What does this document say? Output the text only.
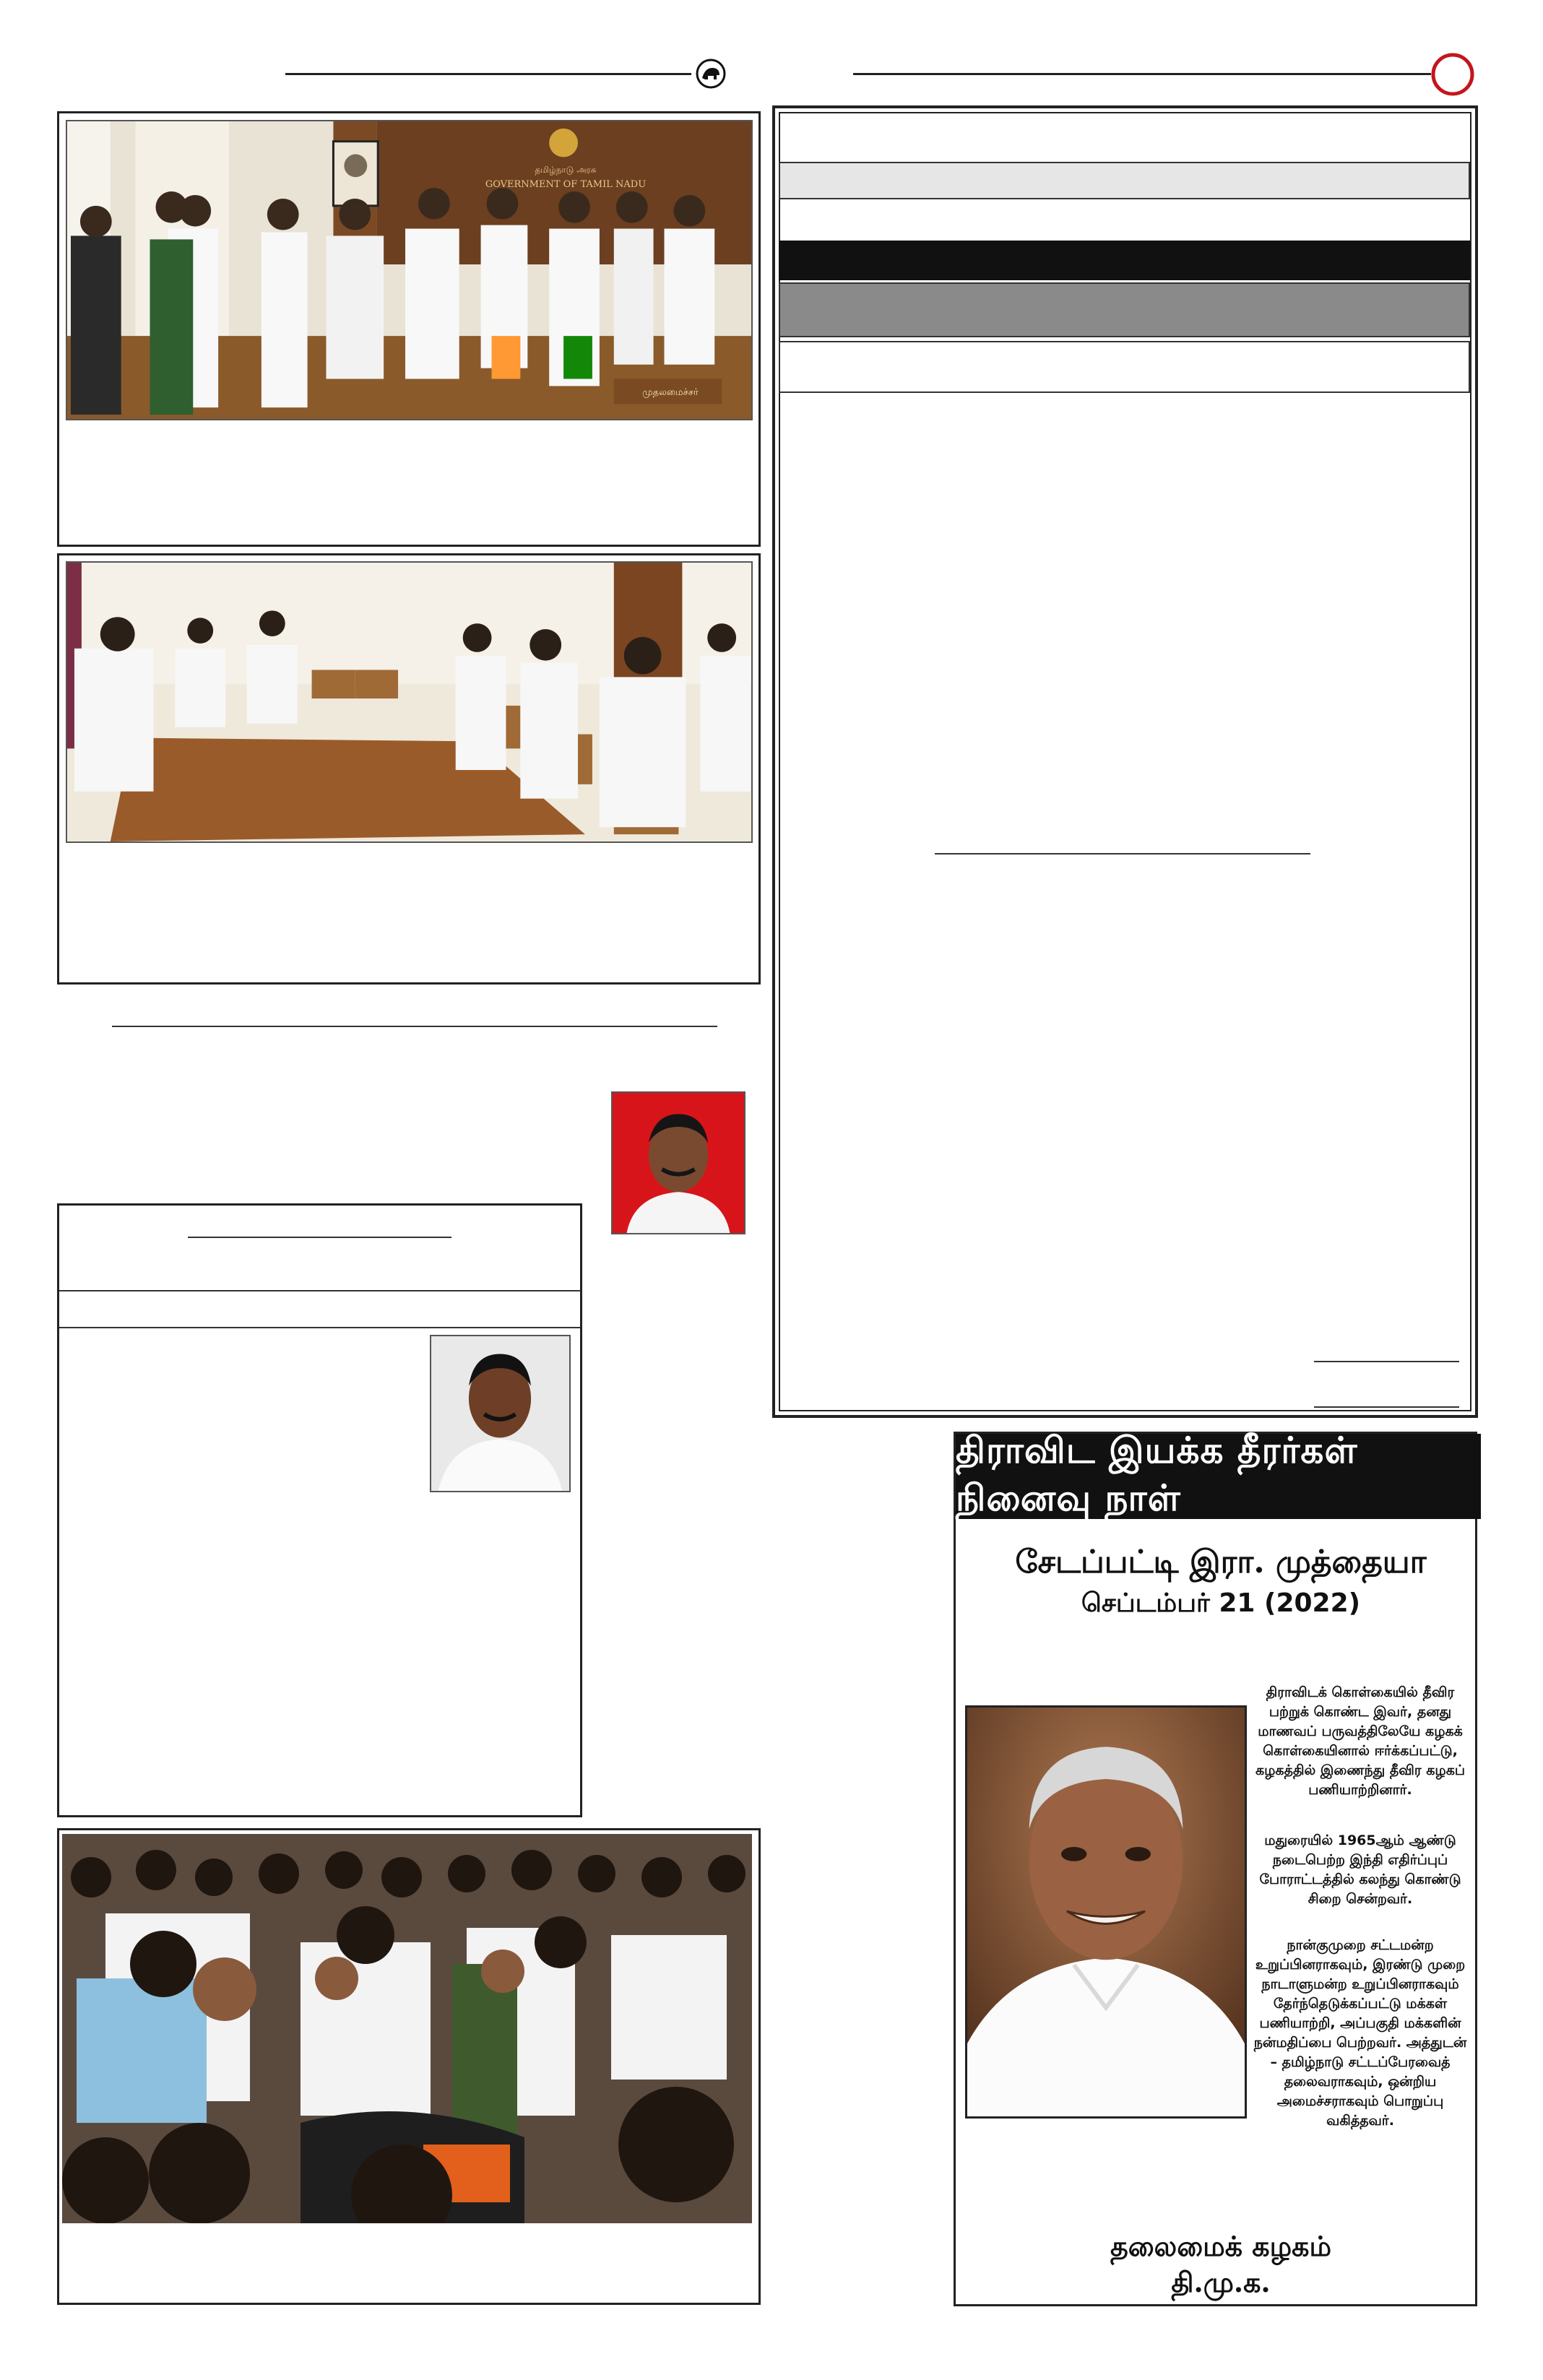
தமிழ்நாடு அரசு
GOVERNMENT OF TAMIL NADU
முதலமைச்சர்
திராவிட இயக்க தீரர்கள் நினைவு நாள்
சேடப்பட்டி இரா. முத்தையா
செப்டம்பர் 21 (2022)
திராவிடக் கொள்கையில் தீவிர பற்றுக் கொண்ட இவர், தனது மாணவப் பருவத்திலேயே கழகக் கொள்கையினால் ஈர்க்கப்பட்டு, கழகத்தில் இணைந்து தீவிர கழகப் பணியாற்றினார்.
மதுரையில் 1965ஆம் ஆண்டு நடைபெற்ற இந்தி எதிர்ப்புப் போராட்டத்தில் கலந்து கொண்டு சிறை சென்றவர்.
நான்குமுறை சட்டமன்ற உறுப்பினராகவும், இரண்டு முறை நாடாளுமன்ற உறுப்பினராகவும் தேர்ந்தெடுக்கப்பட்டு மக்கள் பணியாற்றி, அப்பகுதி மக்களின் நன்மதிப்பை பெற்றவர். அத்துடன் – தமிழ்நாடு சட்டப்பேரவைத் தலைவராகவும், ஒன்றிய அமைச்சராகவும் பொறுப்பு வகித்தவர்.
தலைமைக் கழகம்
தி.மு.க.
